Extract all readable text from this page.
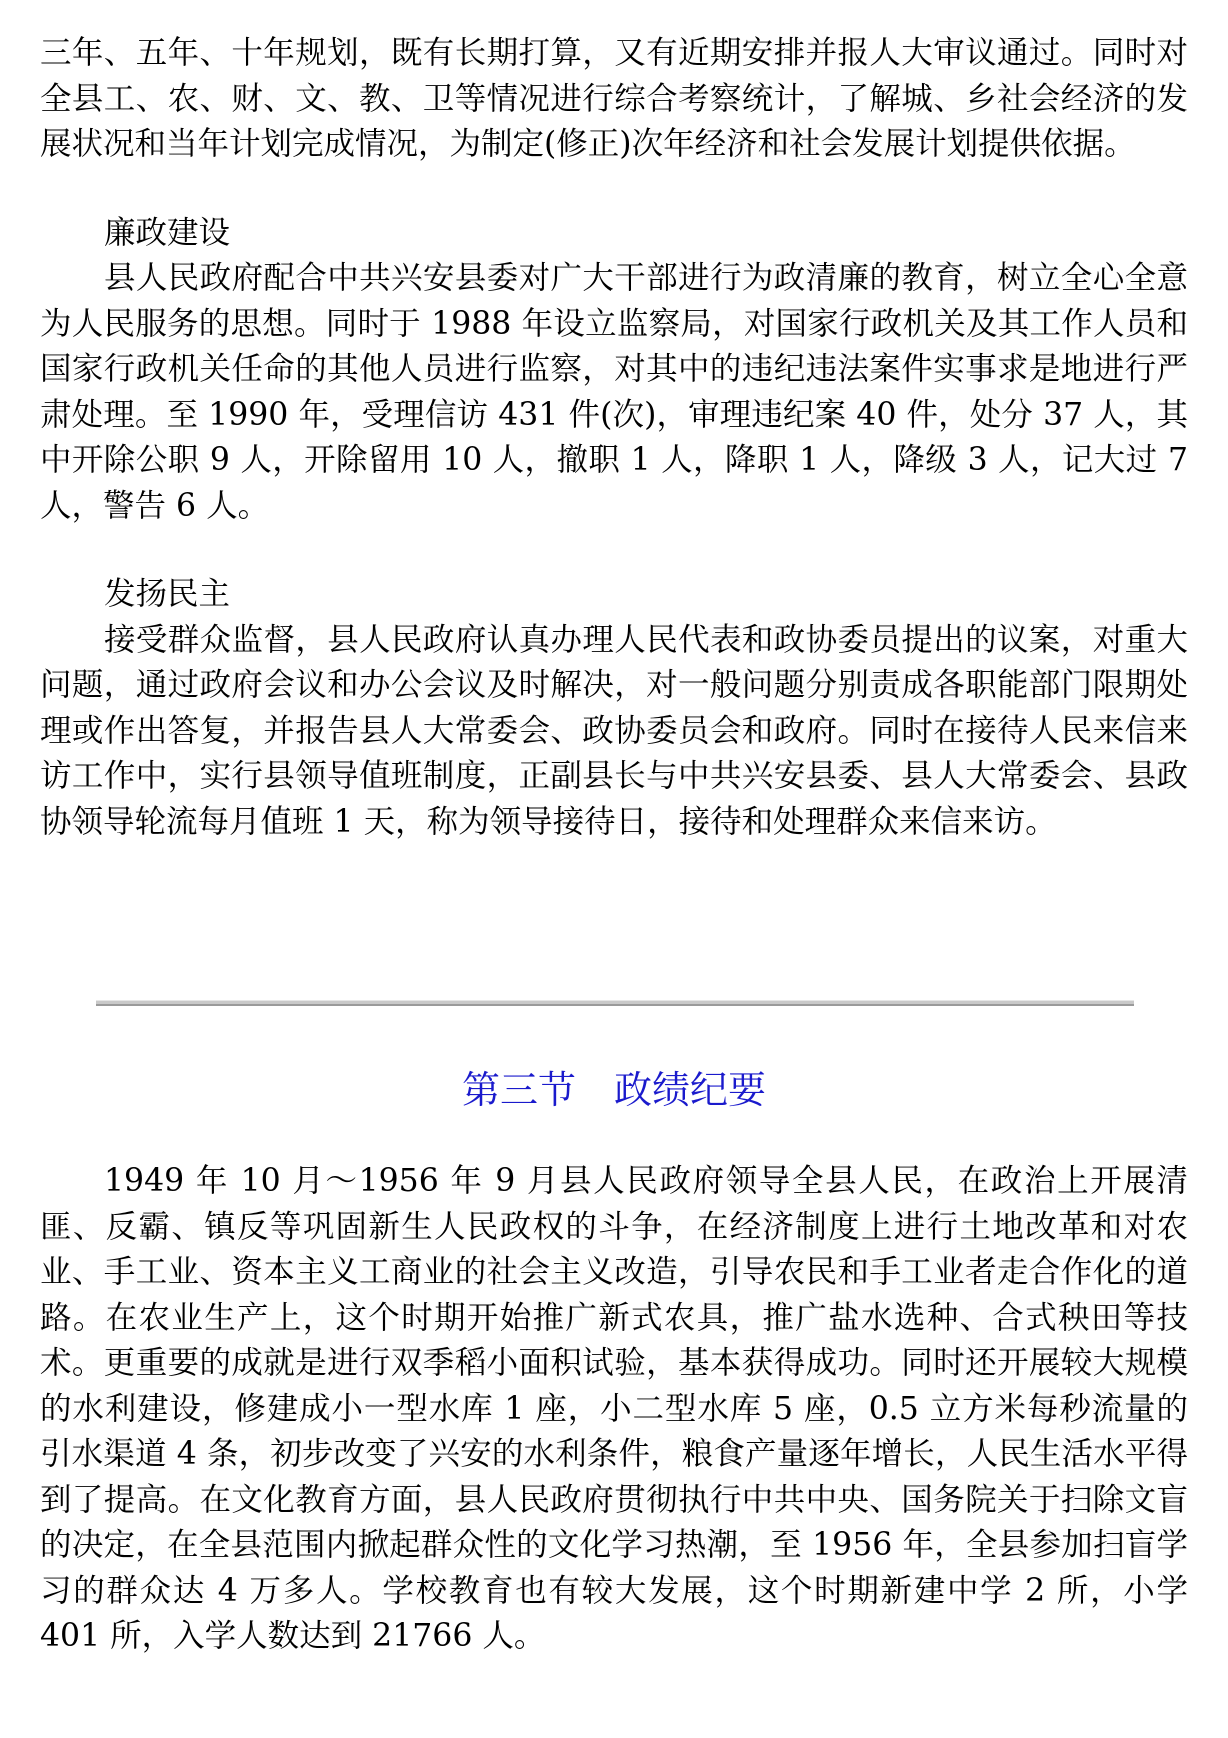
三年、五年、十年规划，既有长期打算，又有近期安排并报人大审议通过。同时对全县工、农、财、文、教、卫等情况进行综合考察统计，了解城、乡社会经济的发展状况和当年计划完成情况，为制定(修正)次年经济和社会发展计划提供依据。

廉政建设

县人民政府配合中共兴安县委对广大干部进行为政清廉的教育，树立全心全意为人民服务的思想。同时于 1988 年设立监察局，对国家行政机关及其工作人员和国家行政机关任命的其他人员进行监察，对其中的违纪违法案件实事求是地进行严肃处理。至 1990 年，受理信访 431 件(次)，审理违纪案 40 件，处分 37 人，其中开除公职 9 人，开除留用 10 人，撤职 1 人，降职 1 人，降级 3 人，记大过 7 人，警告 6 人。

发扬民主

接受群众监督，县人民政府认真办理人民代表和政协委员提出的议案，对重大问题，通过政府会议和办公会议及时解决，对一般问题分别责成各职能部门限期处理或作出答复，并报告县人大常委会、政协委员会和政府。同时在接待人民来信来访工作中，实行县领导值班制度，正副县长与中共兴安县委、县人大常委会、县政协领导轮流每月值班 1 天，称为领导接待日，接待和处理群众来信来访。

第三节　政绩纪要

1949 年 10 月～1956 年 9 月县人民政府领导全县人民，在政治上开展清匪、反霸、镇反等巩固新生人民政权的斗争，在经济制度上进行土地改革和对农业、手工业、资本主义工商业的社会主义改造，引导农民和手工业者走合作化的道路。在农业生产上，这个时期开始推广新式农具，推广盐水选种、合式秧田等技术。更重要的成就是进行双季稻小面积试验，基本获得成功。同时还开展较大规模的水利建设，修建成小一型水库 1 座，小二型水库 5 座，0.5 立方米每秒流量的引水渠道 4 条，初步改变了兴安的水利条件，粮食产量逐年增长，人民生活水平得到了提高。在文化教育方面，县人民政府贯彻执行中共中央、国务院关于扫除文盲的决定，在全县范围内掀起群众性的文化学习热潮，至 1956 年，全县参加扫盲学习的群众达 4 万多人。学校教育也有较大发展，这个时期新建中学 2 所，小学 401 所，入学人数达到 21766 人。
